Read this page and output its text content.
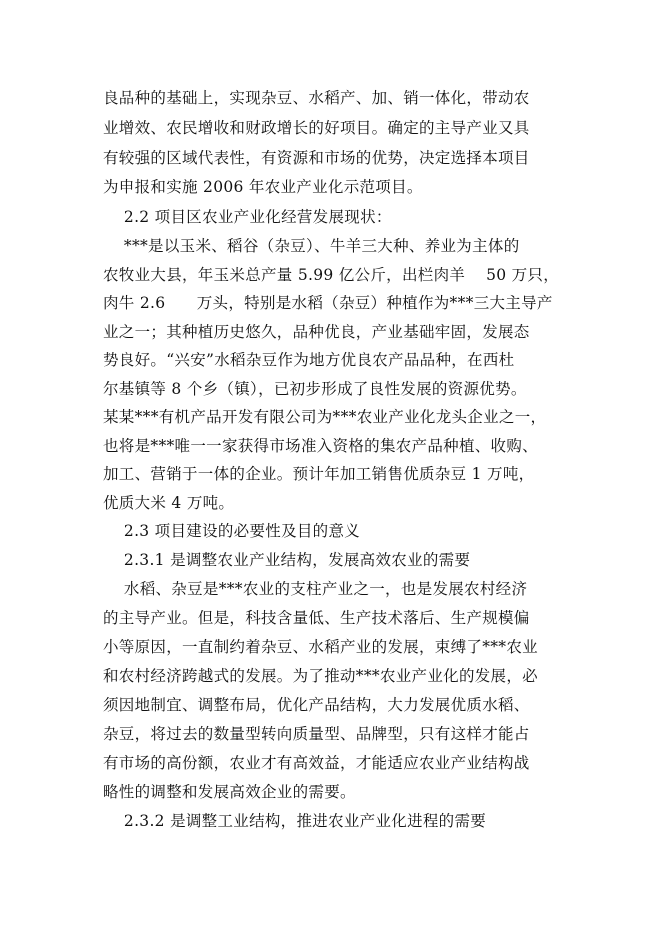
良品种的基础上，实现杂豆、水稻产、加、销一体化，带动农
业增效、农民增收和财政增长的好项目。确定的主导产业又具
有较强的区域代表性，有资源和市场的优势，决定选择本项目
为申报和实施 2006 年农业产业化示范项目。
2.2 项目区农业产业化经营发展现状：
***是以玉米、稻谷（杂豆）、牛羊三大种、养业为主体的
农牧业大县，年玉米总产量 5.99 亿公斤，出栏肉羊    50 万只，
肉牛 2.6      万头，特别是水稻（杂豆）种植作为***三大主导产
业之一；其种植历史悠久，品种优良，产业基础牢固，发展态
势良好。“兴安”水稻杂豆作为地方优良农产品品种，在西杜
尔基镇等 8 个乡（镇），已初步形成了良性发展的资源优势。
某某***有机产品开发有限公司为***农业产业化龙头企业之一，
也将是***唯一一家获得市场准入资格的集农产品种植、收购、
加工、营销于一体的企业。预计年加工销售优质杂豆 1 万吨，
优质大米 4 万吨。
2.3 项目建设的必要性及目的意义
2.3.1 是调整农业产业结构，发展高效农业的需要
水稻、杂豆是***农业的支柱产业之一，也是发展农村经济
的主导产业。但是，科技含量低、生产技术落后、生产规模偏
小等原因，一直制约着杂豆、水稻产业的发展，束缚了***农业
和农村经济跨越式的发展。为了推动***农业产业化的发展，必
须因地制宜、调整布局，优化产品结构，大力发展优质水稻、
杂豆，将过去的数量型转向质量型、品牌型，只有这样才能占
有市场的高份额，农业才有高效益，才能适应农业产业结构战
略性的调整和发展高效企业的需要。
2.3.2 是调整工业结构，推进农业产业化进程的需要
